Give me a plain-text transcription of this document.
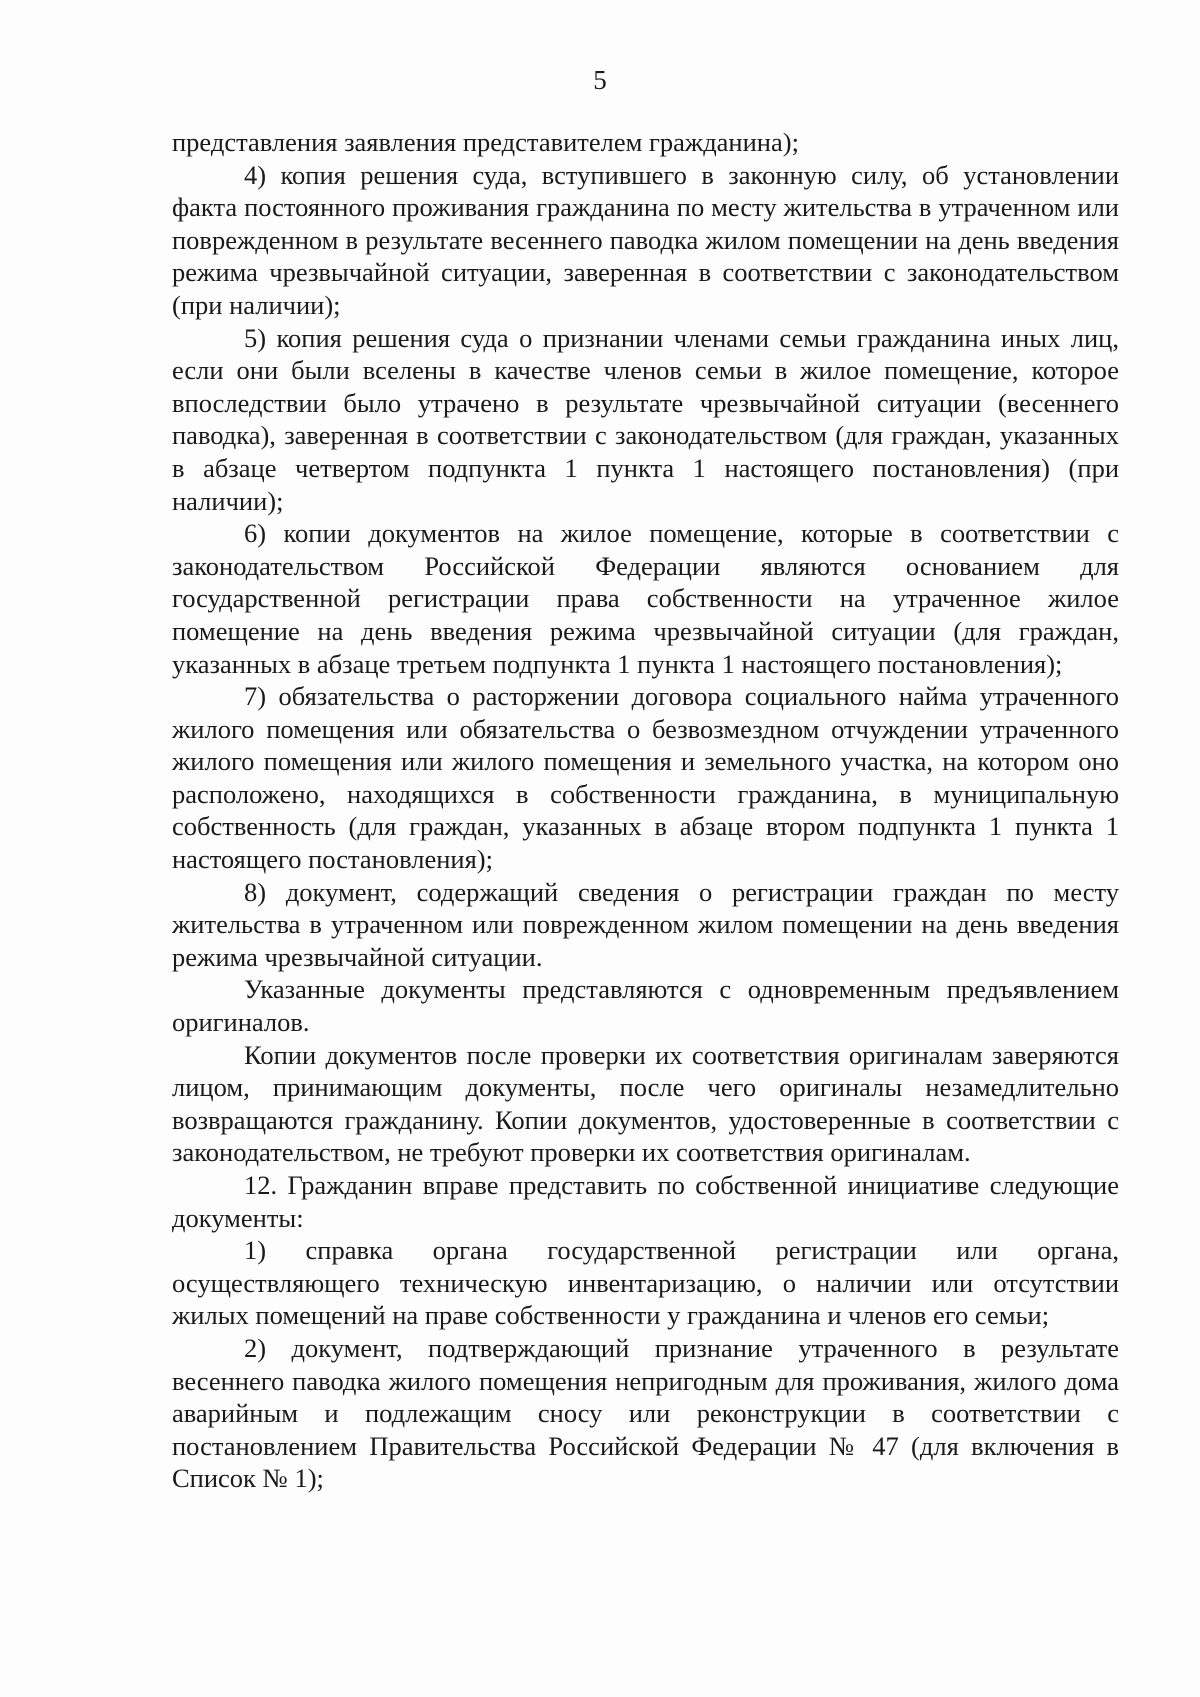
5

представления заявления представителем гражданина);

4) копия решения суда, вступившего в законную силу, об установлении факта постоянного проживания гражданина по месту жительства в утраченном или поврежденном в результате весеннего паводка жилом помещении на день введения режима чрезвычайной ситуации, заверенная в соответствии с законодательством (при наличии);

5) копия решения суда о признании членами семьи гражданина иных лиц, если они были вселены в качестве членов семьи в жилое помещение, которое впоследствии было утрачено в результате чрезвычайной ситуации (весеннего паводка), заверенная в соответствии с законодательством (для граждан, указанных в абзаце четвертом подпункта 1 пункта 1 настоящего постановления) (при наличии);

6) копии документов на жилое помещение, которые в соответствии с законодательством Российской Федерации являются основанием для государственной регистрации права собственности на утраченное жилое помещение на день введения режима чрезвычайной ситуации (для граждан, указанных в абзаце третьем подпункта 1 пункта 1 настоящего постановления);

7) обязательства о расторжении договора социального найма утраченного жилого помещения или обязательства о безвозмездном отчуждении утраченного жилого помещения или жилого помещения и земельного участка, на котором оно расположено, находящихся в собственности гражданина, в муниципальную собственность (для граждан, указанных в абзаце втором подпункта 1 пункта 1 настоящего постановления);

8) документ, содержащий сведения о регистрации граждан по месту жительства в утраченном или поврежденном жилом помещении на день введения режима чрезвычайной ситуации.

Указанные документы представляются с одновременным предъявлением оригиналов.

Копии документов после проверки их соответствия оригиналам заверяются лицом, принимающим документы, после чего оригиналы незамедлительно возвращаются гражданину. Копии документов, удостоверенные в соответствии с законодательством, не требуют проверки их соответствия оригиналам.

12. Гражданин вправе представить по собственной инициативе следующие документы:

1) справка органа государственной регистрации или органа, осуществляющего техническую инвентаризацию, о наличии или отсутствии жилых помещений на праве собственности у гражданина и членов его семьи;

2) документ, подтверждающий признание утраченного в результате весеннего паводка жилого помещения непригодным для проживания, жилого дома аварийным и подлежащим сносу или реконструкции в соответствии с постановлением Правительства Российской Федерации № 47 (для включения в Список № 1);
